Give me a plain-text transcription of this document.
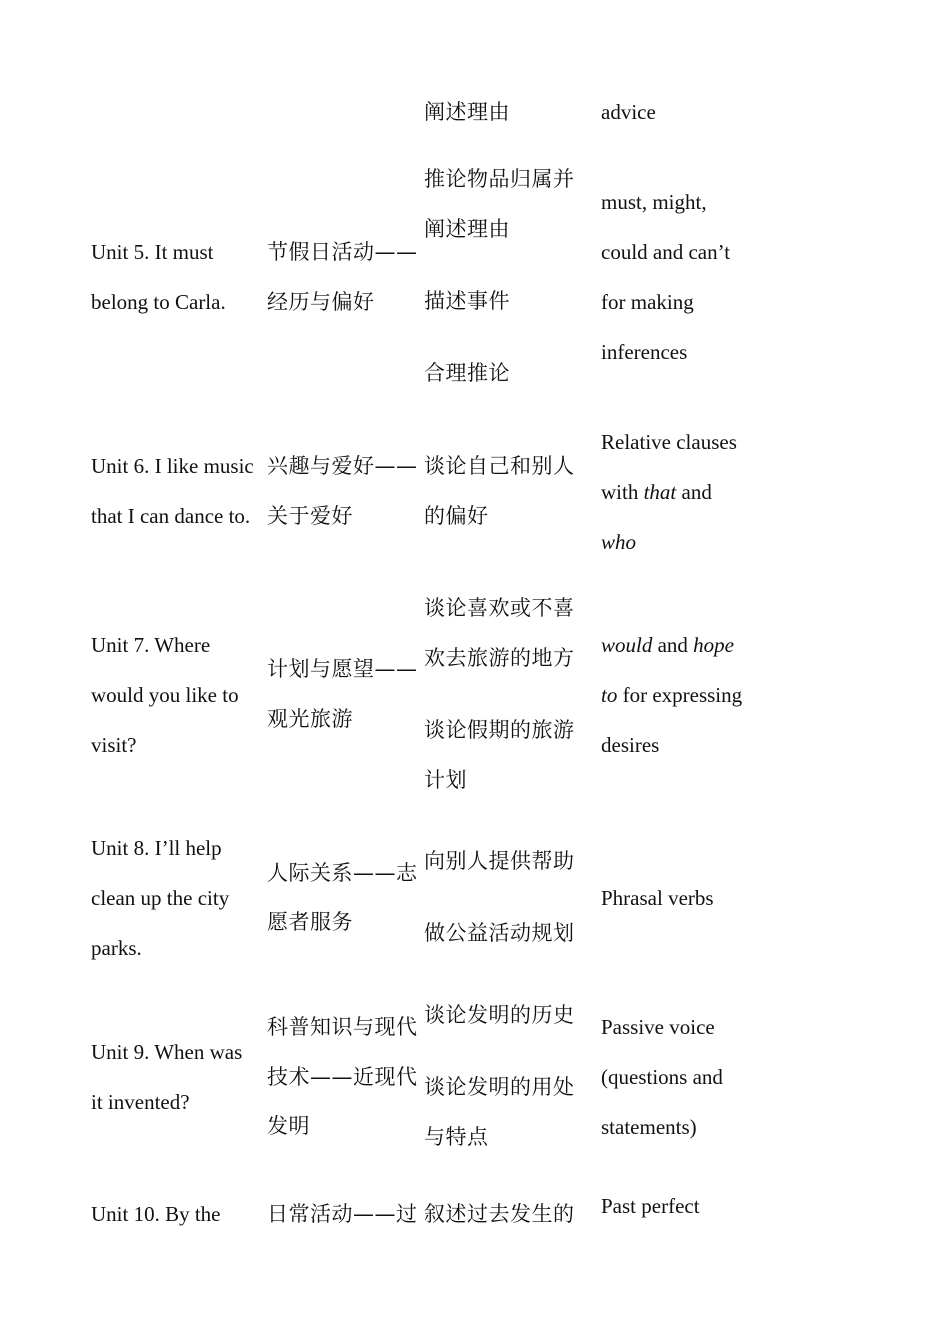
阐述理由	advice
Unit 5. It must
belong to Carla.
节假日活动——
经历与偏好
推论物品归属并
阐述理由
描述事件
合理推论
must, might,
could and can’t
for making
inferences
Unit 6. I like music
that I can dance to.
兴趣与爱好——
关于爱好
谈论自己和别人
的偏好
Relative clauses
with that and
who
Unit 7. Where
would you like to
visit?
计划与愿望——
观光旅游
谈论喜欢或不喜
欢去旅游的地方
谈论假期的旅游
计划
would and hope
to for expressing
desires
Unit 8. I’ll help
clean up the city
parks.
人际关系——志
愿者服务
向别人提供帮助
做公益活动规划
Phrasal verbs
Unit 9. When was
it invented?
科普知识与现代
技术——近现代
发明
谈论发明的历史
谈论发明的用处
与特点
Passive voice
(questions and
statements)
Unit 10. By the 日常活动——过 叙述过去发生的 Past perfect
